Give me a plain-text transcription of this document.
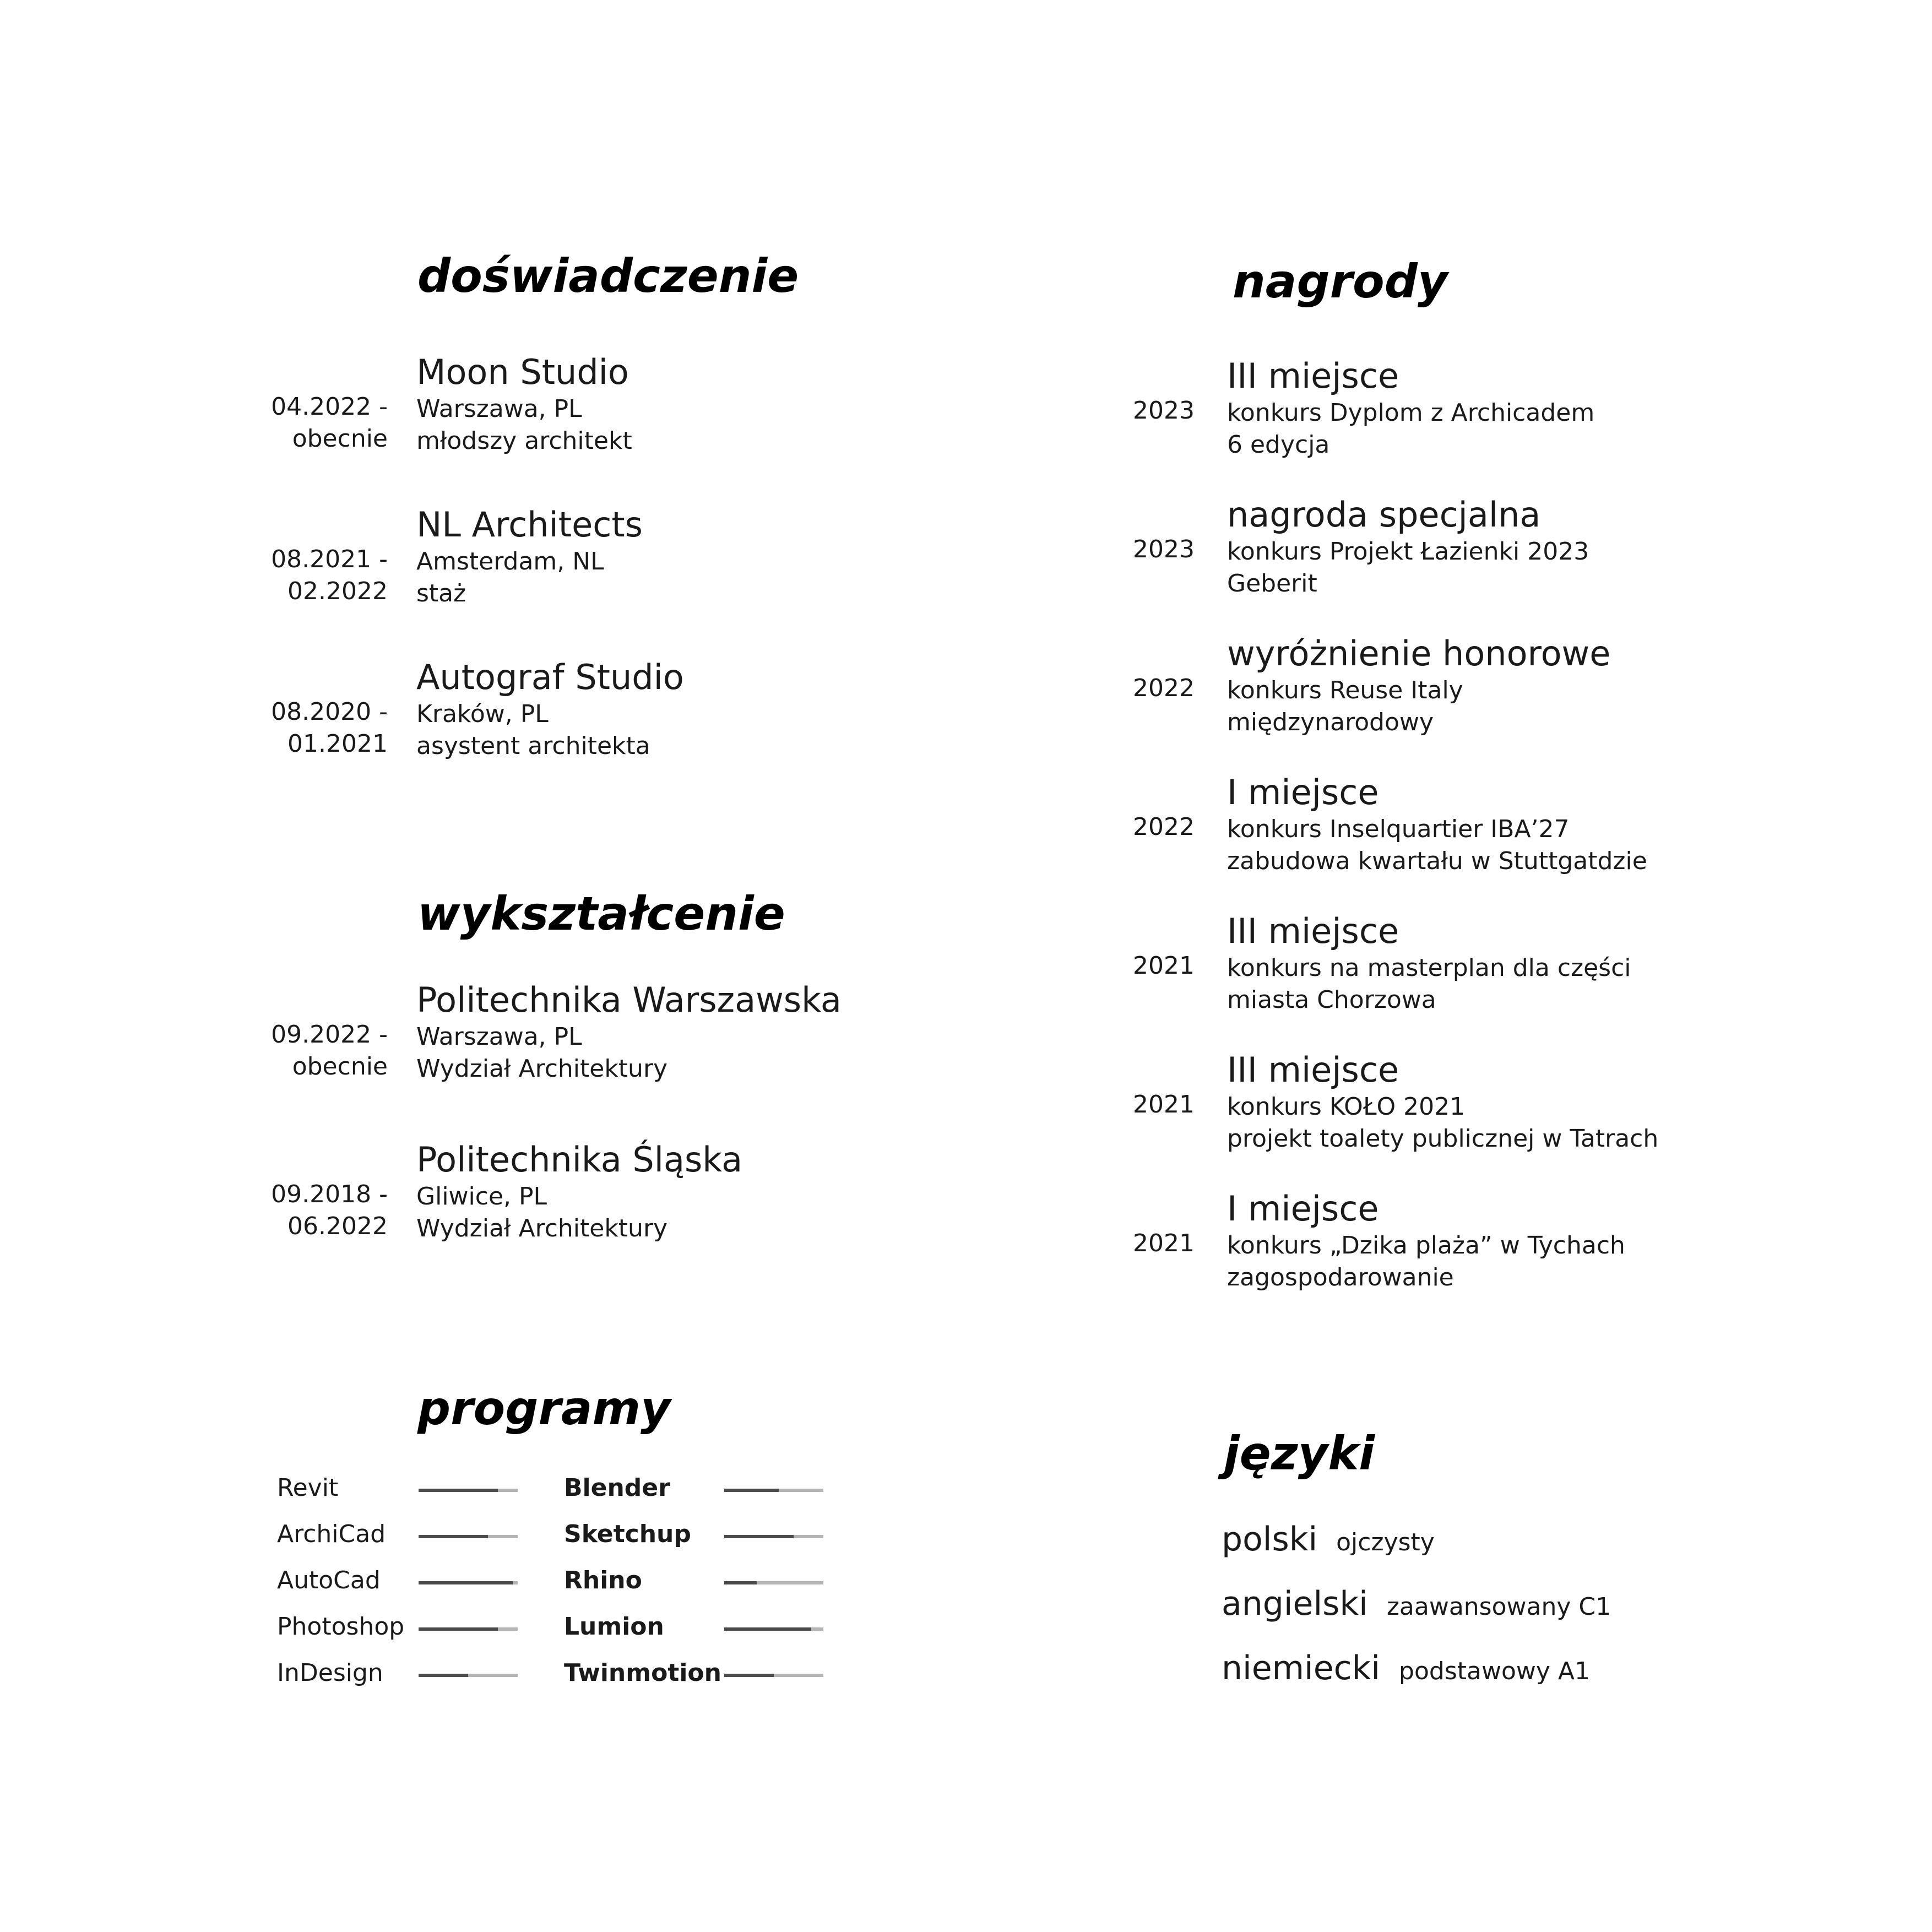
doświadczenie	nagrody
wykształcenie
programy
języki
04.2022 -
obecnie
Moon Studio
Warszawa, PL
młodszy architekt
08.2021 -
02.2022
NL Architects
Amsterdam, NL
staż
08.2020 -
01.2021
Autograf Studio
Kraków, PL
asystent architekta
09.2022 -
obecnie
Politechnika Warszawska
Warszawa, PL
Wydział Architektury
09.2018 -
06.2022
Politechnika Śląska
Gliwice, PL
Wydział Architektury
2023
III miejsce
konkurs Dyplom z Archicadem
6 edycja
2023
nagroda specjalna
konkurs Projekt Łazienki 2023
Geberit
2022
wyróżnienie honorowe
konkurs Reuse Italy
międzynarodowy
2022
I miejsce
konkurs Inselquartier IBA’27
zabudowa kwartału w Stuttgatdzie
2021
III miejsce
konkurs na masterplan dla części
miasta Chorzowa
2021
III miejsce
konkurs KOŁO 2021
projekt toalety publicznej w Tatrach
2021
I miejsce
konkurs „Dzika plaża” w Tychach
zagospodarowanie
Revit
ArchiCad
AutoCad
Photoshop
InDesign
Blender
Sketchup
Rhino
Lumion
Twinmotion
polski ojczysty
angielski zaawansowany C1
niemiecki podstawowy A1
